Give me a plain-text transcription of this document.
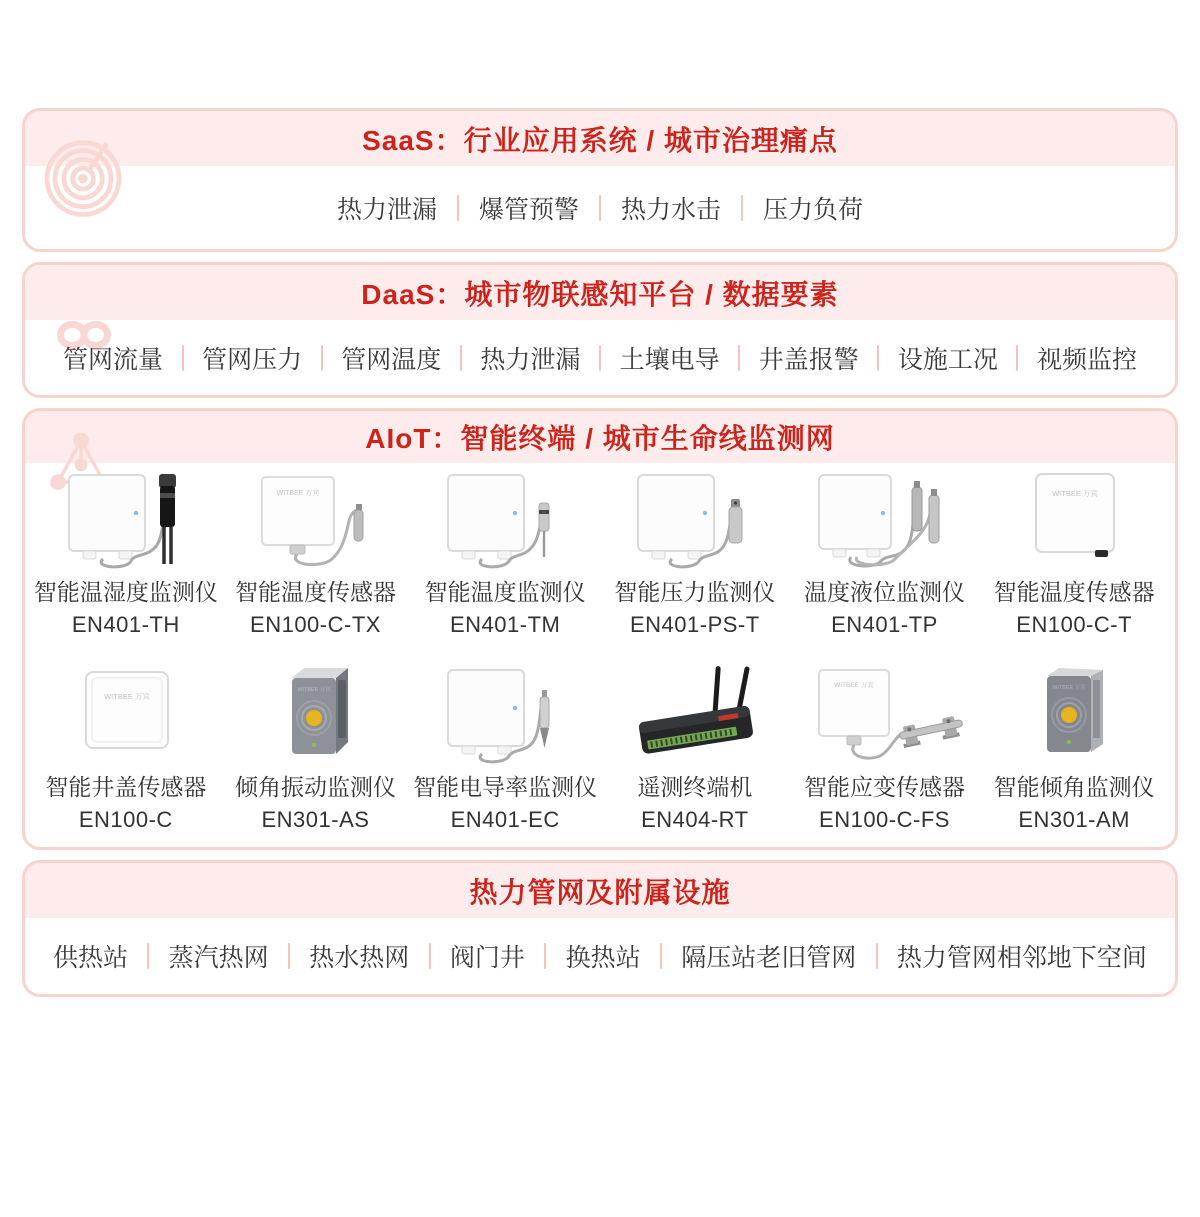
SaaS：行业应用系统 / 城市治理痛点
热力泄漏 爆管预警 热力水击 压力负荷
DaaS：城市物联感知平台 / 数据要素
管网流量 管网压力 管网温度 热力泄漏 土壤电导 井盖报警 设施工况 视频监控
AIoT：智能终端 / 城市生命线监测网
智能温湿度监测仪
EN401-TH
WITBEE 万宾
智能温度传感器
EN100-C-TX
智能温度监测仪
EN401-TM
智能压力监测仪
EN401-PS-T
温度液位监测仪
EN401-TP
WITBEE 万宾
智能温度传感器
EN100-C-T
WITBEE 万宾
智能井盖传感器
EN100-C
WITBEE 万宾
倾角振动监测仪
EN301-AS
智能电导率监测仪
EN401-EC
遥测终端机
EN404-RT
WITBEE 万宾
智能应变传感器
EN100-C-FS
WITBEE 万宾
智能倾角监测仪
EN301-AM
热力管网及附属设施
供热站 蒸汽热网 热水热网 阀门井 换热站 隔压站老旧管网 热力管网相邻地下空间
